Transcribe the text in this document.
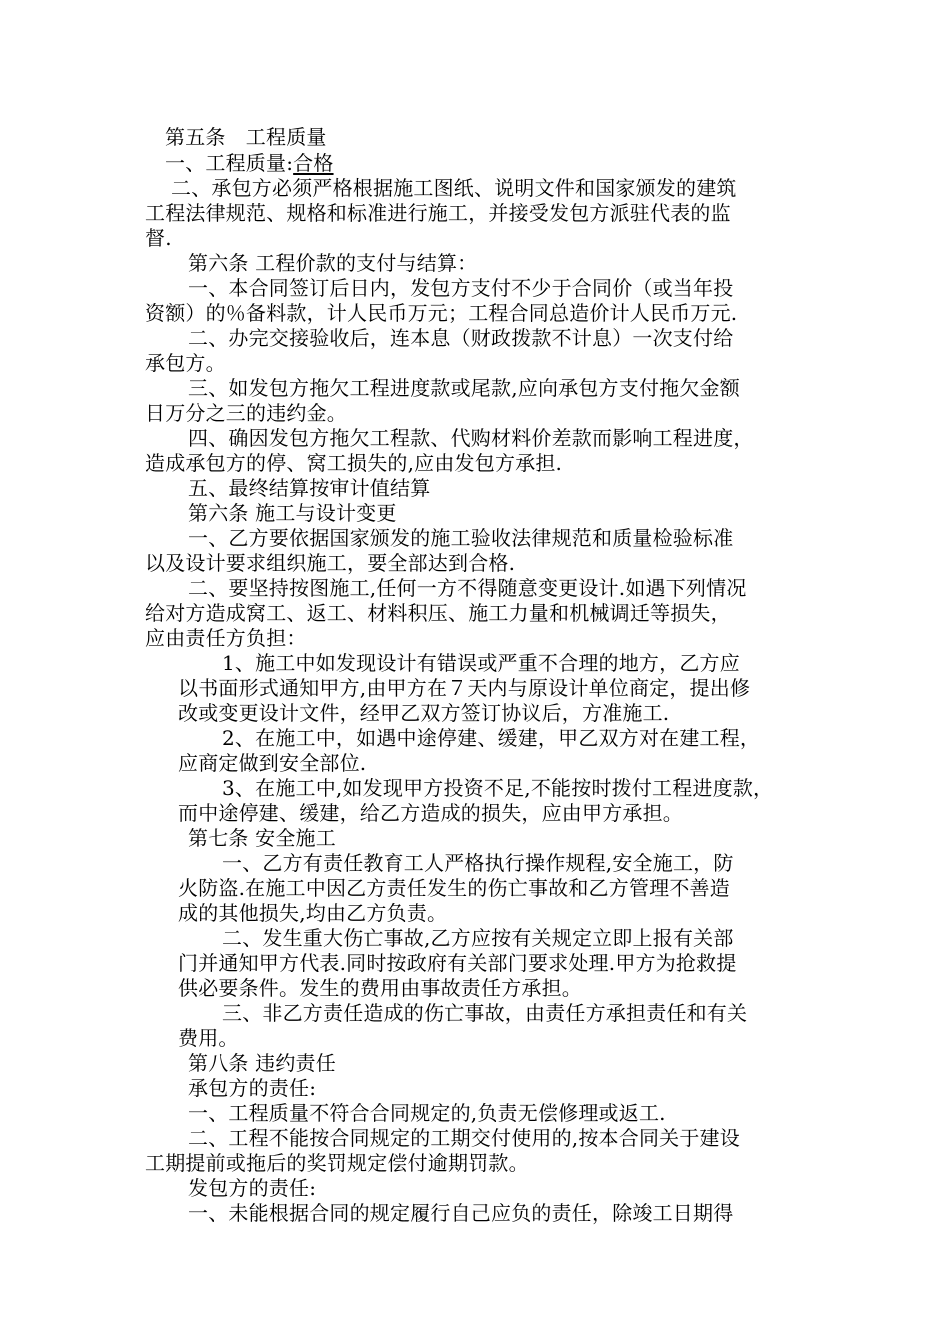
第五条　工程质量
一、工程质量:合格
二、承包方必须严格根据施工图纸、说明文件和国家颁发的建筑
工程法律规范、规格和标准进行施工，并接受发包方派驻代表的监
督.
第六条 工程价款的支付与结算：
一、本合同签订后日内，发包方支付不少于合同价（或当年投
资额）的％备料款，计人民币万元；工程合同总造价计人民币万元.
二、办完交接验收后，连本息（财政拨款不计息）一次支付给
承包方。
三、如发包方拖欠工程进度款或尾款,应向承包方支付拖欠金额
日万分之三的违约金。
四、确因发包方拖欠工程款、代购材料价差款而影响工程进度，
造成承包方的停、窝工损失的,应由发包方承担.
五、最终结算按审计值结算
第六条 施工与设计变更
一、乙方要依据国家颁发的施工验收法律规范和质量检验标准
以及设计要求组织施工，要全部达到合格.
二、要坚持按图施工,任何一方不得随意变更设计.如遇下列情况
给对方造成窝工、返工、材料积压、施工力量和机械调迁等损失，
应由责任方负担：
1、施工中如发现设计有错误或严重不合理的地方，乙方应
以书面形式通知甲方,由甲方在７天内与原设计单位商定，提出修
改或变更设计文件，经甲乙双方签订协议后，方准施工.
2、在施工中，如遇中途停建、缓建，甲乙双方对在建工程，
应商定做到安全部位.
3、在施工中,如发现甲方投资不足,不能按时拨付工程进度款，
而中途停建、缓建，给乙方造成的损失，应由甲方承担。
第七条 安全施工
一、乙方有责任教育工人严格执行操作规程,安全施工，防
火防盗.在施工中因乙方责任发生的伤亡事故和乙方管理不善造
成的其他损失,均由乙方负责。
二、发生重大伤亡事故,乙方应按有关规定立即上报有关部
门并通知甲方代表.同时按政府有关部门要求处理.甲方为抢救提
供必要条件。发生的费用由事故责任方承担。
三、非乙方责任造成的伤亡事故，由责任方承担责任和有关
费用。
第八条 违约责任
承包方的责任:
一、工程质量不符合合同规定的,负责无偿修理或返工.
二、工程不能按合同规定的工期交付使用的,按本合同关于建设
工期提前或拖后的奖罚规定偿付逾期罚款。
发包方的责任:
一、未能根据合同的规定履行自己应负的责任，除竣工日期得
